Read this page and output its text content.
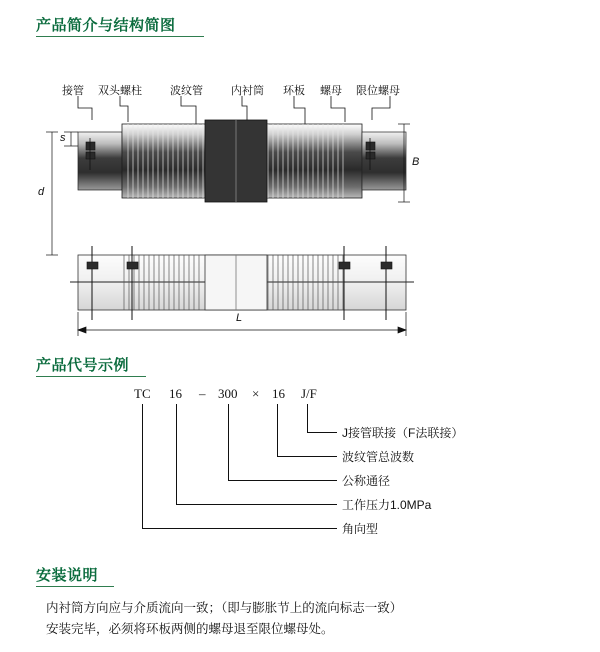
产品简介与结构简图
接管 双头螺柱	波纹管	内衬筒 环板 螺母 限位螺母
s
d
B
L
产品代号示例
TC 16 – 300 × 16 J/F
J接管联接（F法联接）
波纹管总波数
公称通径
工作压力1.0MPa
角向型
安装说明
内衬筒方向应与介质流向一致；（即与膨胀节上的流向标志一致）
安装完毕，必须将环板两侧的螺母退至限位螺母处。
